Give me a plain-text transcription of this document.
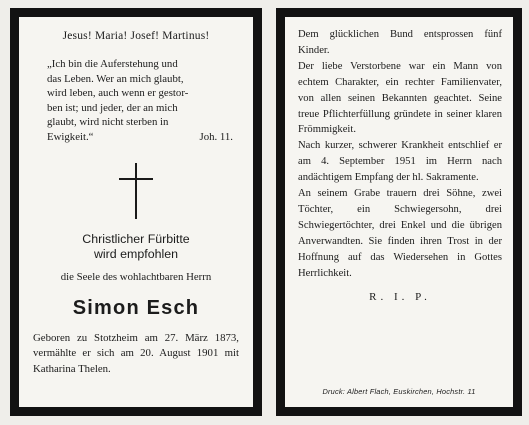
Jesus! Maria! Josef! Martinus!
„Ich bin die Auferstehung und
das Leben. Wer an mich glaubt,
wird leben, auch wenn er gestor-
ben ist; und jeder, der an mich
glaubt, wird nicht sterben in
Ewigkeit.“	Joh. 11.
Christlicher Fürbitte
wird empfohlen
die Seele des wohlachtbaren Herrn
Simon Esch
Geboren zu Stotzheim am 27. März 1873, vermählte er sich am 20. August 1901 mit Katharina Thelen.

Dem glücklichen Bund entsprossen fünf Kinder.

Der liebe Verstorbene war ein Mann von echtem Charakter, ein rechter Familienvater, von allen seinen Bekannten geachtet. Seine treue Pflichterfüllung gründete in seiner klaren Frömmigkeit.

Nach kurzer, schwerer Krankheit entschlief er am 4. September 1951 im Herrn nach andächtigem Empfang der hl. Sakramente.

An seinem Grabe trauern drei Söhne, zwei Töchter, ein Schwiegersohn, drei Schwiegertöchter, drei Enkel und die übrigen Anverwandten. Sie finden ihren Trost in der Hoffnung auf das Wiedersehen in Gottes Herrlichkeit.

R. I. P.
Druck: Albert Flach, Euskirchen, Hochstr. 11
